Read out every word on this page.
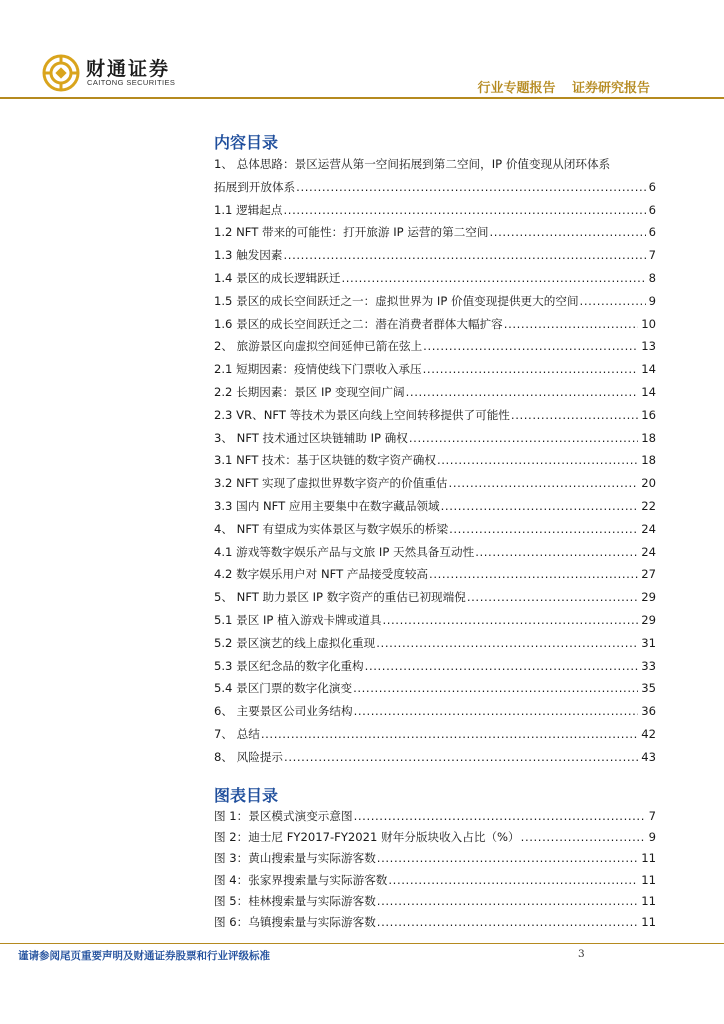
财通证券
CAITONG SECURITIES	行业专题报告 证券研究报告
内容目录
1、 总体思路：景区运营从第一空间拓展到第二空间，IP 价值变现从闭环体系
拓展到开放体系 .....	6
1.1 逻辑起点 .....	6
1.2 NFT 带来的可能性：打开旅游 IP 运营的第二空间 .....	6
1.3 触发因素 .....	7
1.4 景区的成长逻辑跃迁 .....	8
1.5 景区的成长空间跃迁之一：虚拟世界为 IP 价值变现提供更大的空间 .....	9
1.6 景区的成长空间跃迁之二：潜在消费者群体大幅扩容 .....	10
2、 旅游景区向虚拟空间延伸已箭在弦上 .....	13
2.1 短期因素：疫情使线下门票收入承压 .....	14
2.2 长期因素：景区 IP 变现空间广阔 .....	14
2.3 VR、NFT 等技术为景区向线上空间转移提供了可能性 .....	16
3、 NFT 技术通过区块链辅助 IP 确权 .....	18
3.1 NFT 技术：基于区块链的数字资产确权 .....	18
3.2 NFT 实现了虚拟世界数字资产的价值重估 .....	20
3.3 国内 NFT 应用主要集中在数字藏品领域 .....	22
4、 NFT 有望成为实体景区与数字娱乐的桥梁 .....	24
4.1 游戏等数字娱乐产品与文旅 IP 天然具备互动性 .....	24
4.2 数字娱乐用户对 NFT 产品接受度较高 .....	27
5、 NFT 助力景区 IP 数字资产的重估已初现端倪 .....	29
5.1 景区 IP 植入游戏卡牌或道具 .....	29
5.2 景区演艺的线上虚拟化重现 .....	31
5.3 景区纪念品的数字化重构 .....	33
5.4 景区门票的数字化演变 .....	35
6、 主要景区公司业务结构 .....	36
7、 总结 .....	42
8、 风险提示 .....	43
图表目录
图 1：景区模式演变示意图 .....	7
图 2：迪士尼 FY2017-FY2021 财年分版块收入占比（%） .....	9
图 3：黄山搜索量与实际游客数 .....	11
图 4：张家界搜索量与实际游客数 .....	11
图 5：桂林搜索量与实际游客数 .....	11
图 6：乌镇搜索量与实际游客数 .....	11
谨请参阅尾页重要声明及财通证券股票和行业评级标准	3
